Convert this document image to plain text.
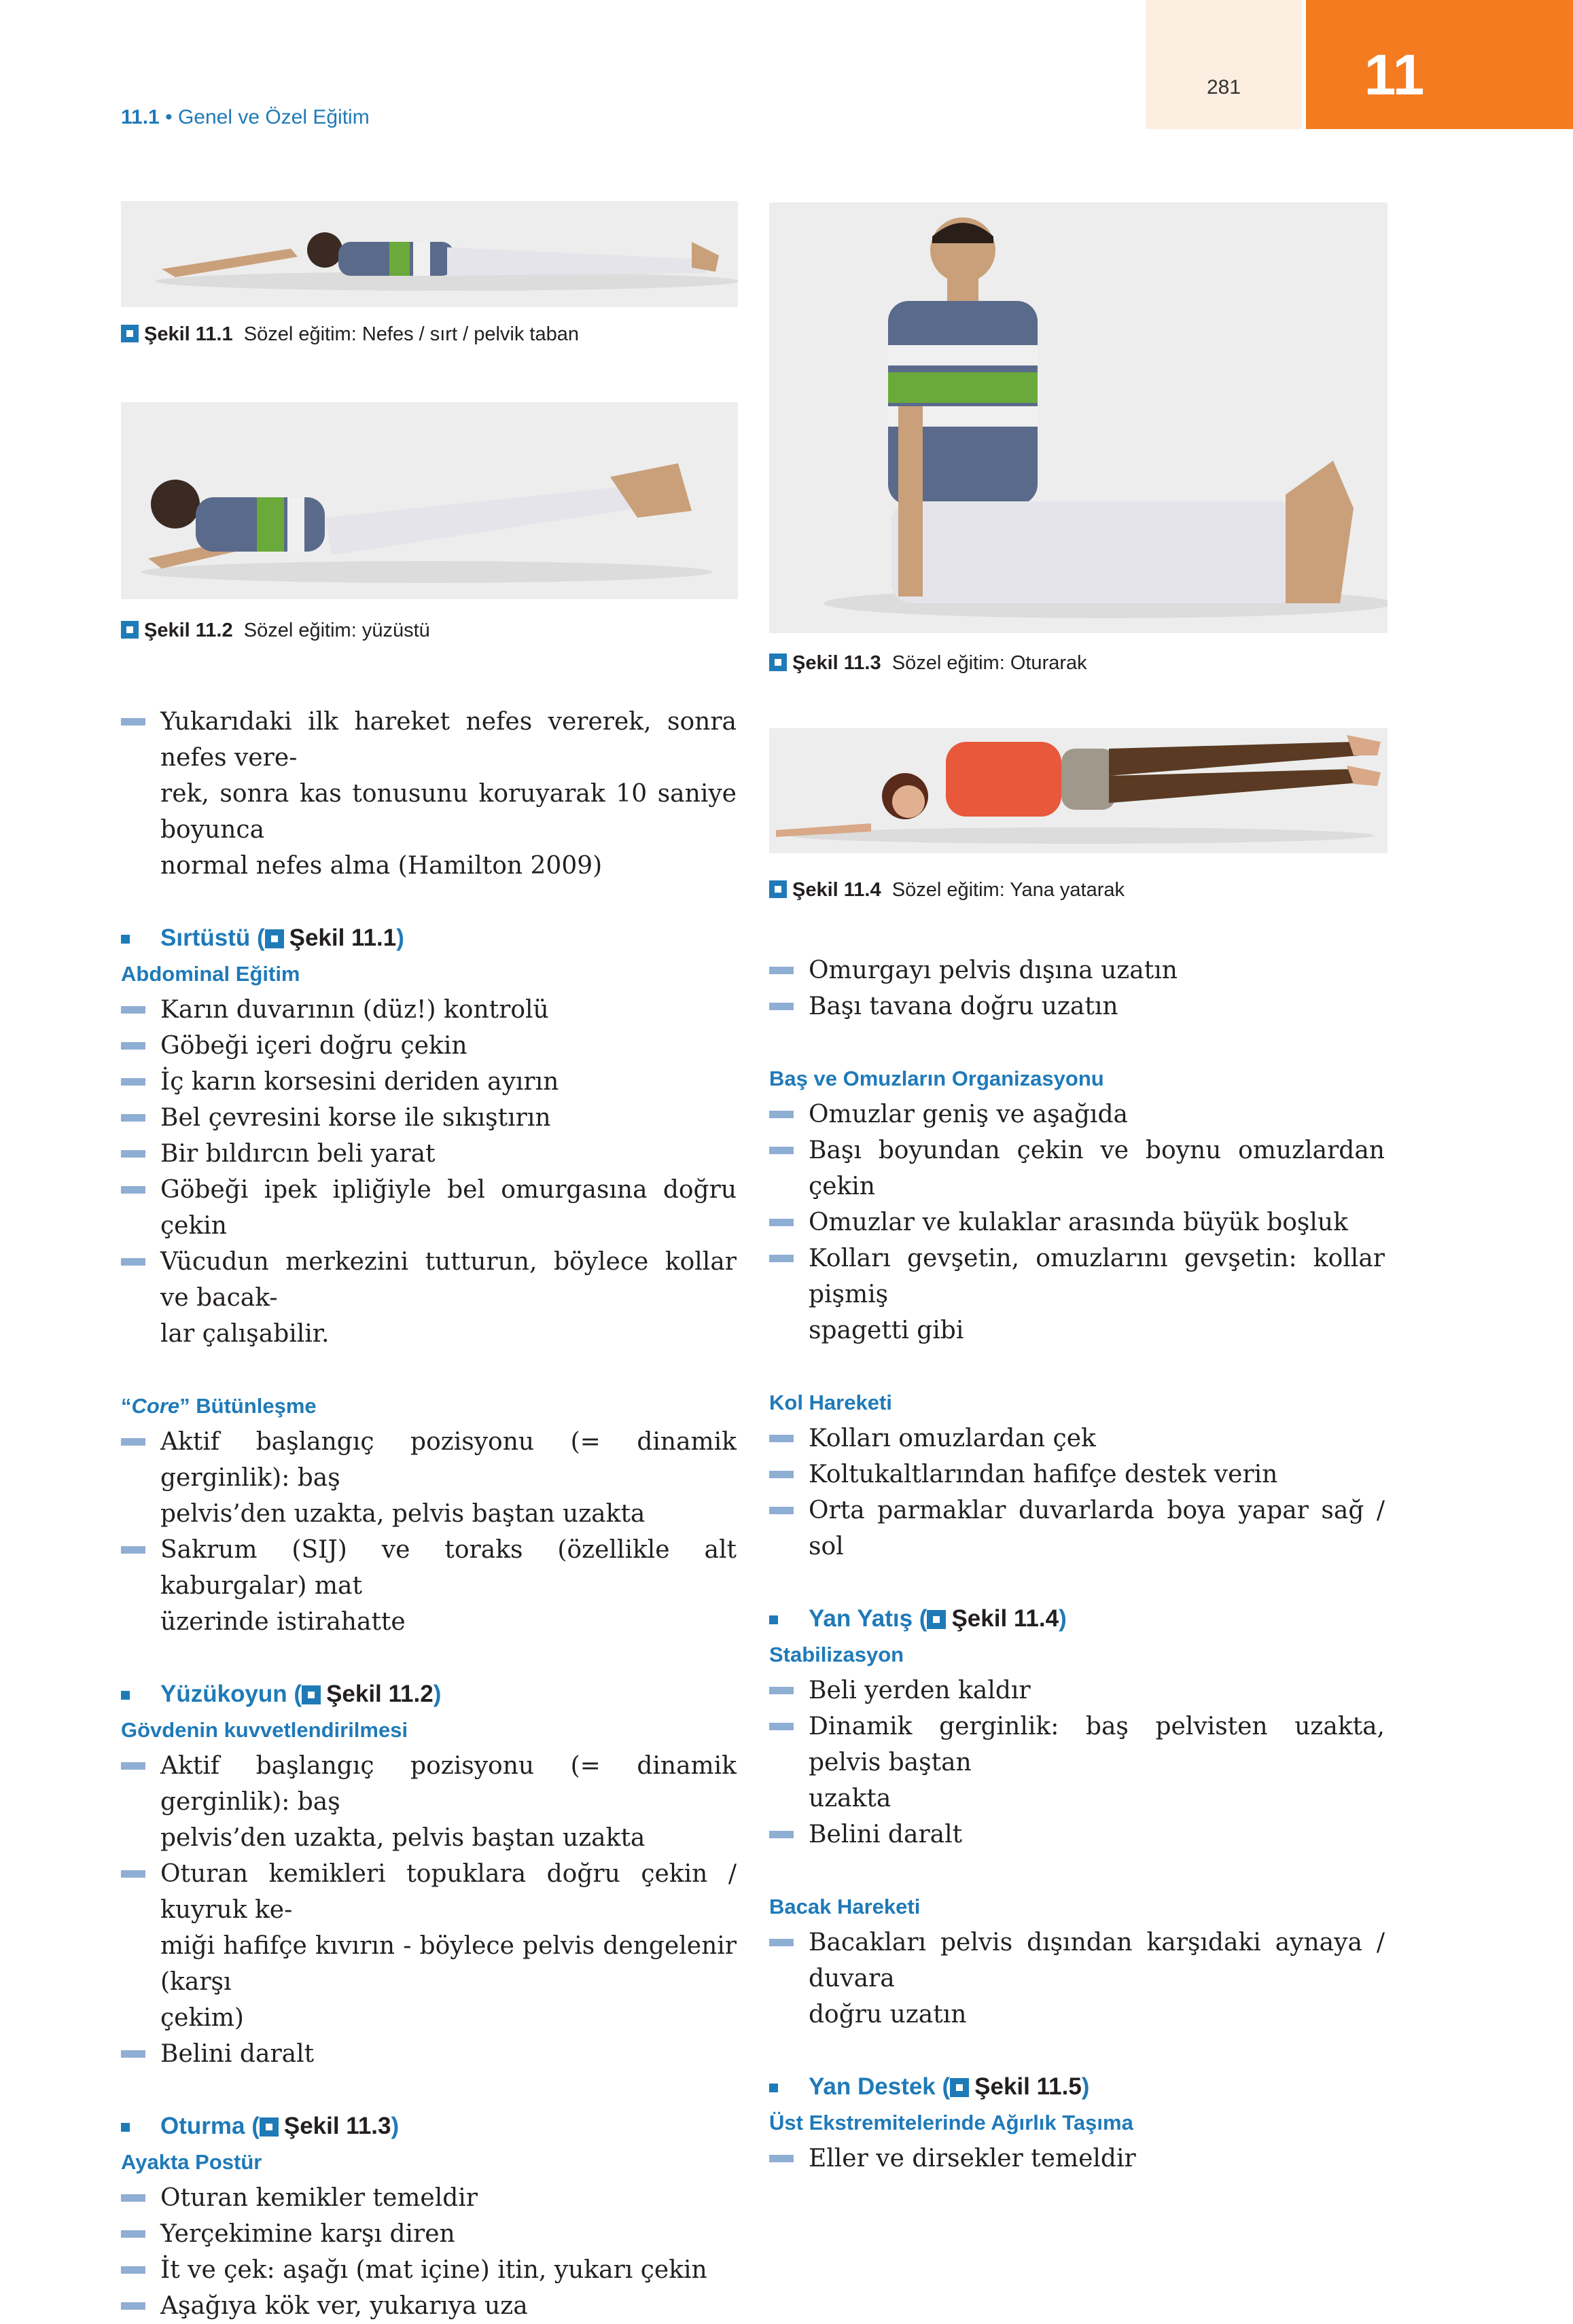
281	11
11.1 • Genel ve Özel Eğitim
Şekil 11.1 Sözel eğitim: Nefes / sırt / pelvik taban
Şekil 11.2 Sözel eğitim: yüzüstü
Şekil 11.3 Sözel eğitim: Oturarak
Şekil 11.4 Sözel eğitim: Yana yatarak
Yukarıdaki ilk hareket nefes vererek, sonra nefes vere-
rek, sonra kas tonusunu koruyarak 10 saniye boyunca
normal nefes alma (Hamilton 2009)
Sırtüstü ( Şekil 11.1)
Abdominal Eğitim
Karın duvarının (düz!) kontrolü
Göbeği içeri doğru çekin
İç karın korsesini deriden ayırın
Bel çevresini korse ile sıkıştırın
Bir bıldırcın beli yarat
Göbeği ipek ipliğiyle bel omurgasına doğru çekin
Vücudun merkezini tutturun, böylece kollar ve bacak-
lar çalışabilir.
“Core” Bütünleşme
Aktif başlangıç pozisyonu (= dinamik gerginlik): baş
pelvis’den uzakta, pelvis baştan uzakta
Sakrum (SIJ) ve toraks (özellikle alt kaburgalar) mat
üzerinde istirahatte
Yüzükoyun ( Şekil 11.2)
Gövdenin kuvvetlendirilmesi
Aktif başlangıç pozisyonu (= dinamik gerginlik): baş
pelvis’den uzakta, pelvis baştan uzakta
Oturan kemikleri topuklara doğru çekin / kuyruk ke-
miği hafifçe kıvırın - böylece pelvis dengelenir (karşı
çekim)
Belini daralt
Oturma ( Şekil 11.3)
Ayakta Postür
Oturan kemikler temeldir
Yerçekimine karşı diren
İt ve çek: aşağı (mat içine) itin, yukarı çekin
Aşağıya kök ver, yukarıya uza
Omurgayı pelvis dışına uzatın
Başı tavana doğru uzatın
Baş ve Omuzların Organizasyonu
Omuzlar geniş ve aşağıda
Başı boyundan çekin ve boynu omuzlardan çekin
Omuzlar ve kulaklar arasında büyük boşluk
Kolları gevşetin, omuzlarını gevşetin: kollar pişmiş
spagetti gibi
Kol Hareketi
Kolları omuzlardan çek
Koltukaltlarından hafifçe destek verin
Orta parmaklar duvarlarda boya yapar sağ / sol
Yan Yatış ( Şekil 11.4)
Stabilizasyon
Beli yerden kaldır
Dinamik gerginlik: baş pelvisten uzakta, pelvis baştan
uzakta
Belini daralt
Bacak Hareketi
Bacakları pelvis dışından karşıdaki aynaya / duvara
doğru uzatın
Yan Destek ( Şekil 11.5)
Üst Ekstremitelerinde Ağırlık Taşıma
Eller ve dirsekler temeldir
